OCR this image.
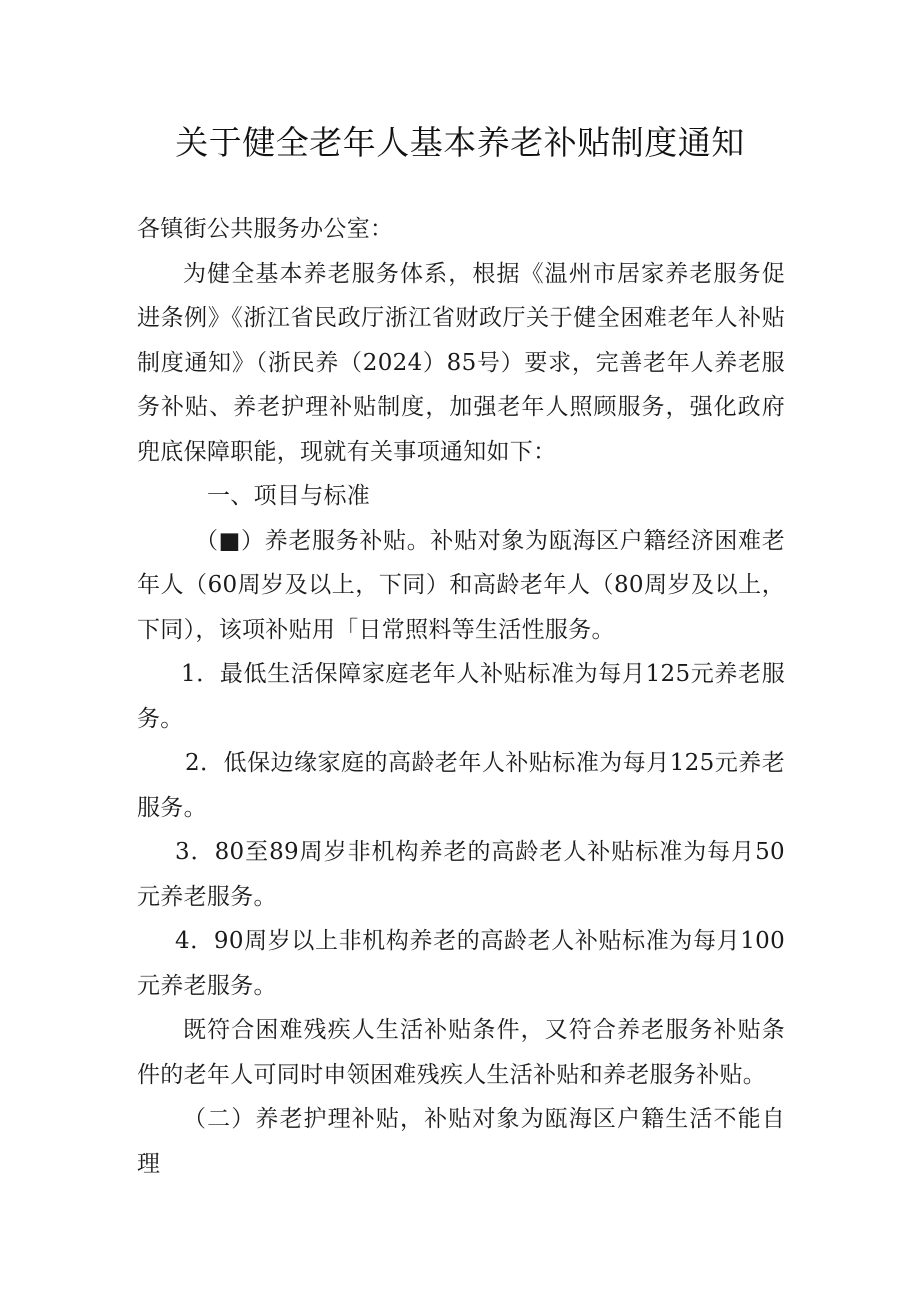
关于健全老年人基本养老补贴制度通知

各镇街公共服务办公室：

为健全基本养老服务体系，根据《温州市居家养老服务促进条例》《浙江省民政厅浙江省财政厅关于健全困难老年人补贴制度通知》（浙民养（2024）85号）要求，完善老年人养老服务补贴、养老护理补贴制度，加强老年人照顾服务，强化政府兜底保障职能，现就有关事项通知如下：

一、项目与标准

（■）养老服务补贴。补贴对象为瓯海区户籍经济困难老年人（60周岁及以上，下同）和高龄老年人（80周岁及以上，下同），该项补贴用「日常照料等生活性服务。

1．最低生活保障家庭老年人补贴标准为每月125元养老服务。

2．低保边缘家庭的高龄老年人补贴标准为每月125元养老服务。

3．80至89周岁非机构养老的高龄老人补贴标准为每月50元养老服务。

4．90周岁以上非机构养老的高龄老人补贴标准为每月100元养老服务。

既符合困难残疾人生活补贴条件，又符合养老服务补贴条件的老年人可同时申领困难残疾人生活补贴和养老服务补贴。

（二）养老护理补贴，补贴对象为瓯海区户籍生活不能自理
